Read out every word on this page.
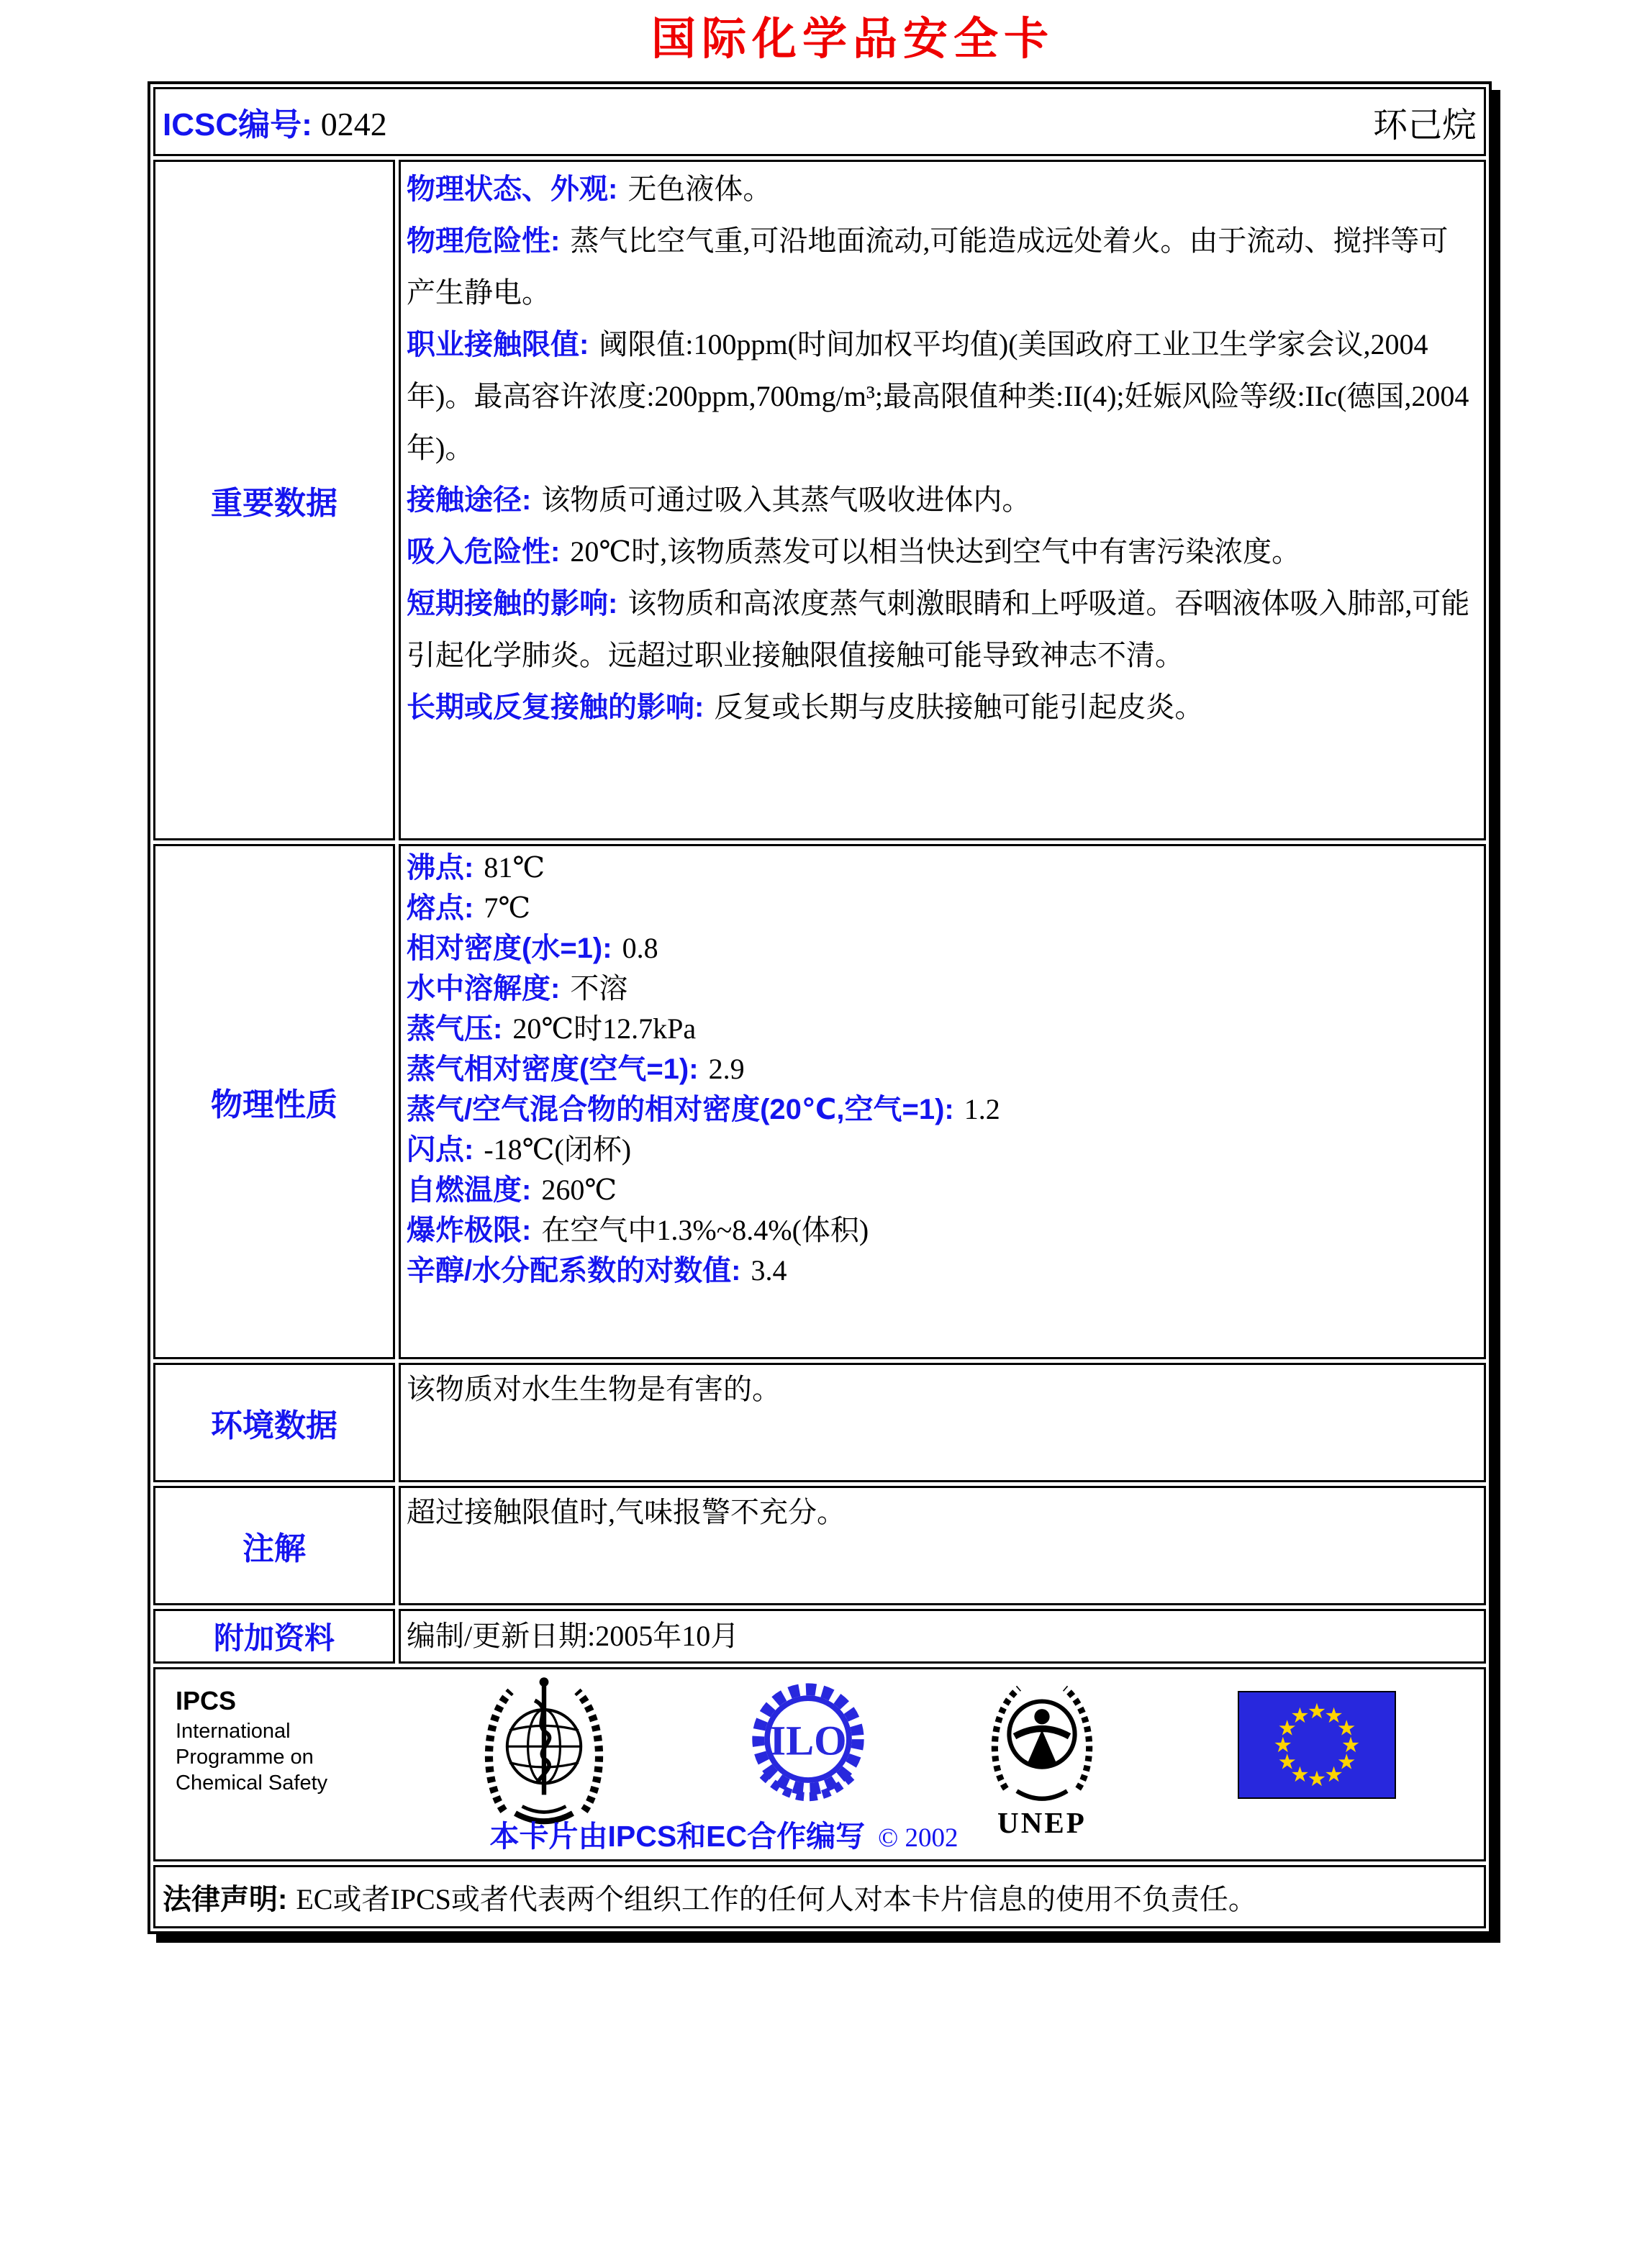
国际化学品安全卡
ICSC编号: 0242	环己烷
重要数据

物理状态、外观: 无色液体。

物理危险性: 蒸气比空气重,可沿地面流动,可能造成远处着火。由于流动、搅拌等可产生静电。

职业接触限值: 阈限值:100ppm(时间加权平均值)(美国政府工业卫生学家会议,2004年)。最高容许浓度:200ppm,700mg/m³;最高限值种类:II(4);妊娠风险等级:IIc(德国,2004年)。

接触途径: 该物质可通过吸入其蒸气吸收进体内。

吸入危险性: 20℃时,该物质蒸发可以相当快达到空气中有害污染浓度。

短期接触的影响: 该物质和高浓度蒸气刺激眼睛和上呼吸道。吞咽液体吸入肺部,可能引起化学肺炎。远超过职业接触限值接触可能导致神志不清。

长期或反复接触的影响: 反复或长期与皮肤接触可能引起皮炎。

物理性质

沸点: 81℃

熔点: 7℃

相对密度(水=1): 0.8

水中溶解度: 不溶

蒸气压: 20℃时12.7kPa

蒸气相对密度(空气=1): 2.9

蒸气/空气混合物的相对密度(20℃,空气=1): 1.2

闪点: -18℃(闭杯)

自燃温度: 260℃

爆炸极限: 在空气中1.3%~8.4%(体积)

辛醇/水分配系数的对数值: 3.4

环境数据

该物质对水生生物是有害的。

注解

超过接触限值时,气味报警不充分。

附加资料	编制/更新日期:2005年10月

IPCS
International
Programme on
Chemical Safety
ILO
UNEP
★
★
★
★
★
★
★
★
★
★
★
★
本卡片由IPCS和EC合作编写 © 2002
法律声明: EC或者IPCS或者代表两个组织工作的任何人对本卡片信息的使用不负责任。
